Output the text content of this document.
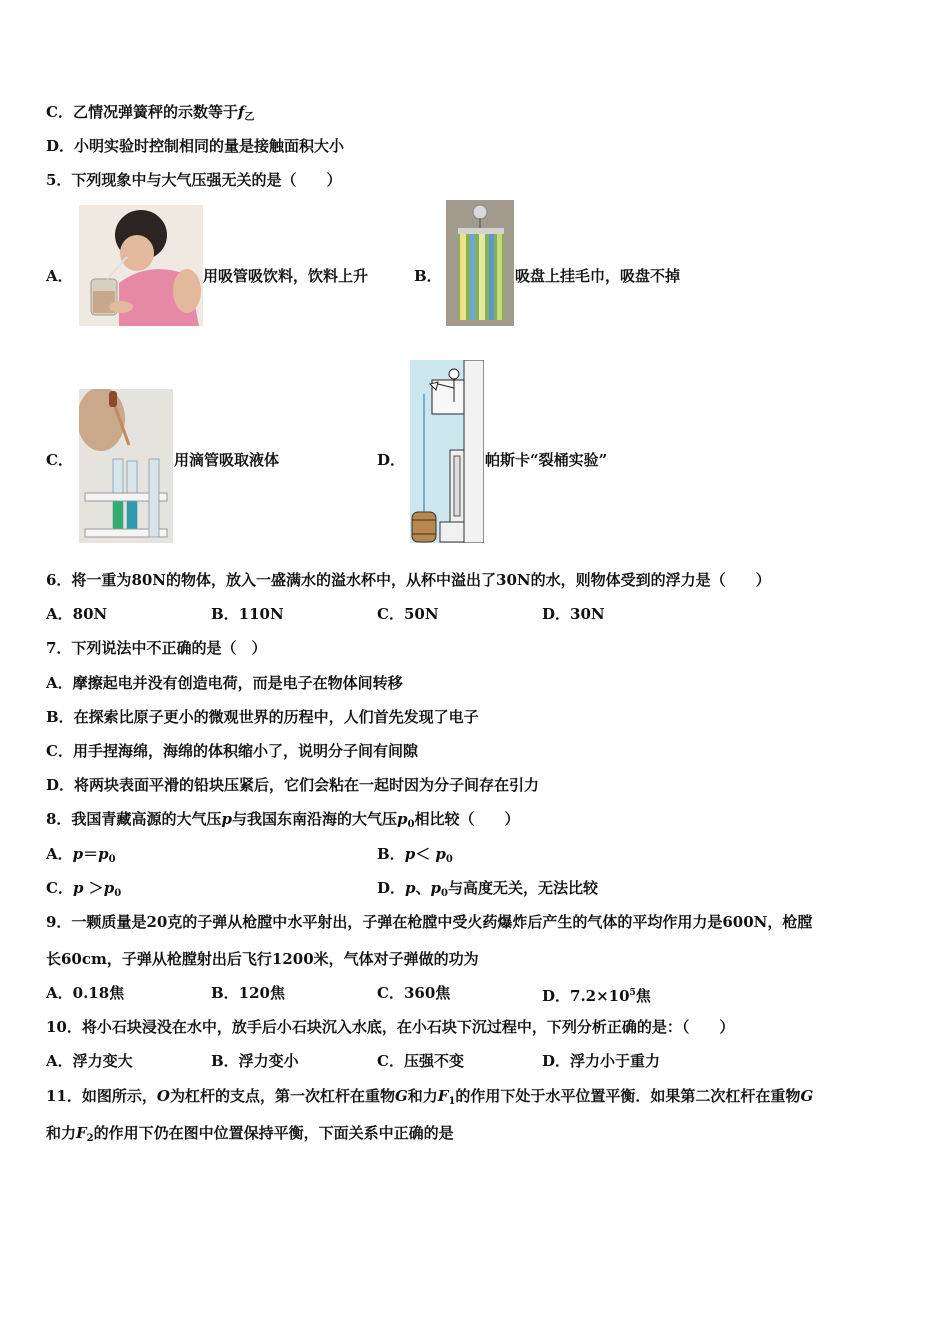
C．乙情况弹簧秤的示数等于$f_乙$
D．小明实验时控制相同的量是接触面积大小
5．下列现象中与大气压强无关的是（　　）
A．	用吸管吸饮料，饮料上升	B．	吸盘上挂毛巾，吸盘不掉
C．	用滴管吸取液体	D．	帕斯卡“裂桶实验”
6．将一重为80N的物体，放入一盛满水的溢水杯中，从杯中溢出了30N的水，则物体受到的浮力是（　　）
A．80N	B．110N	C．50N	D．30N
7．下列说法中不正确的是（　）
A．摩擦起电并没有创造电荷，而是电子在物体间转移
B．在探索比原子更小的微观世界的历程中，人们首先发现了电子
C．用手捏海绵，海绵的体积缩小了，说明分子间有间隙
D．将两块表面平滑的铅块压紧后，它们会粘在一起时因为分子间存在引力
8．我国青藏高源的大气压p与我国东南沿海的大气压$p_0$相比较（　　）
A．$p=p_0$	B．$p< p_0$
C．$p >p_0$	D．p、$p_0$与高度无关，无法比较
9．一颗质量是20克的子弹从枪膛中水平射出，子弹在枪膛中受火药爆炸后产生的气体的平均作用力是600N，枪膛
长60cm，子弹从枪膛射出后飞行1200米，气体对子弹做的功为
A．0.18焦	B．120焦	C．360焦	D．$7.2\times 10^5$焦
10．将小石块浸没在水中，放手后小石块沉入水底，在小石块下沉过程中，下列分析正确的是：（　　）
A．浮力变大	B．浮力变小	C．压强不变	D．浮力小于重力
11．如图所示，O为杠杆的支点，第一次杠杆在重物G和力$F_1$的作用下处于水平位置平衡．如果第二次杠杆在重物G
和力$F_2$的作用下仍在图中位置保持平衡，下面关系中正确的是
